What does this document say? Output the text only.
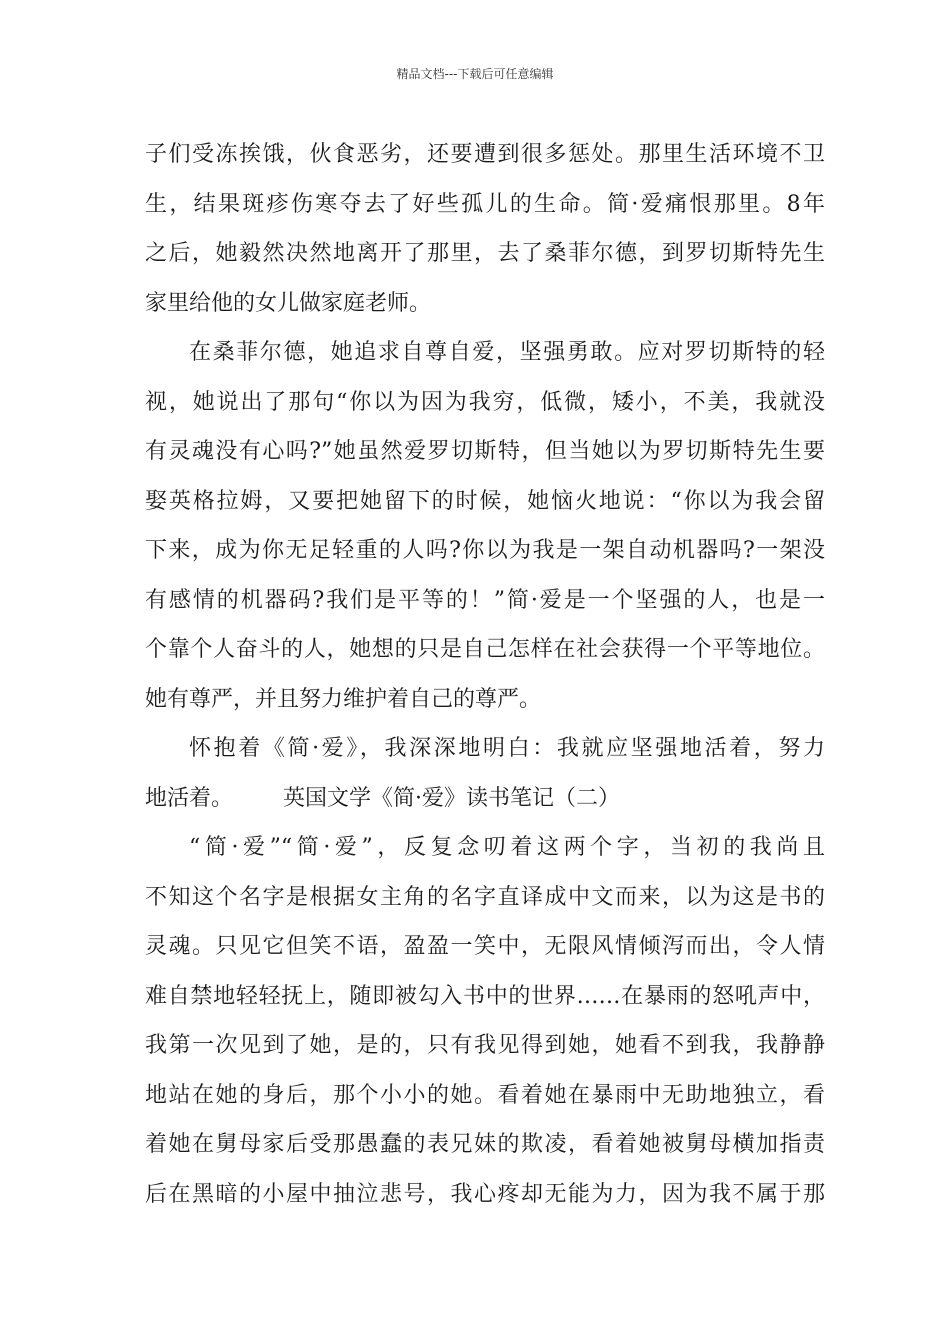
精品文档---下载后可任意编辑
子们受冻挨饿，伙食恶劣，还要遭到很多惩处。那里生活环境不卫
生，结果斑疹伤寒夺去了好些孤儿的生命。简·爱痛恨那里。8年
之后，她毅然决然地离开了那里，去了桑菲尔德，到罗切斯特先生
家里给他的女儿做家庭老师。
在桑菲尔德，她追求自尊自爱，坚强勇敢。应对罗切斯特的轻
视，她说出了那句“你以为因为我穷，低微，矮小，不美，我就没
有灵魂没有心吗?”她虽然爱罗切斯特，但当她以为罗切斯特先生要
娶英格拉姆，又要把她留下的时候，她恼火地说：“你以为我会留
下来，成为你无足轻重的人吗?你以为我是一架自动机器吗?一架没
有感情的机器码?我们是平等的！”简·爱是一个坚强的人，也是一
个靠个人奋斗的人，她想的只是自己怎样在社会获得一个平等地位。
她有尊严，并且努力维护着自己的尊严。
怀抱着《简·爱》，我深深地明白：我就应坚强地活着，努力
地活着。 英国文学《简·爱》读书笔记（二）
“简·爱”“简·爱”，反复念叨着这两个字，当初的我尚且
不知这个名字是根据女主角的名字直译成中文而来，以为这是书的
灵魂。只见它但笑不语，盈盈一笑中，无限风情倾泻而出，令人情
难自禁地轻轻抚上，随即被勾入书中的世界……在暴雨的怒吼声中，
我第一次见到了她，是的，只有我见得到她，她看不到我，我静静
地站在她的身后，那个小小的她。看着她在暴雨中无助地独立，看
着她在舅母家后受那愚蠢的表兄妹的欺凌，看着她被舅母横加指责
后在黑暗的小屋中抽泣悲号，我心疼却无能为力，因为我不属于那
